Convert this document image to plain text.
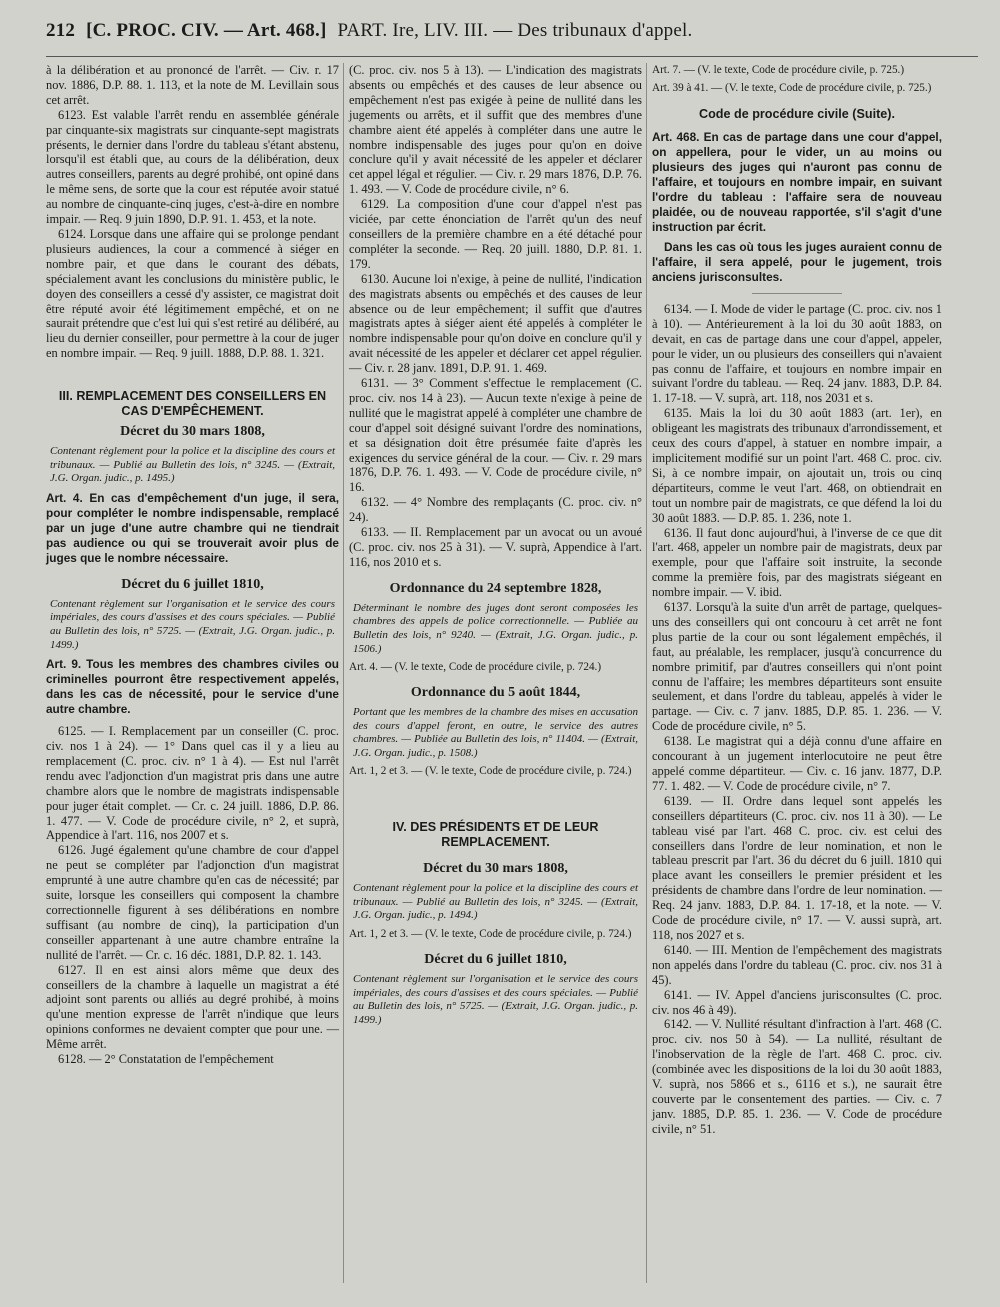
212 [C. PROC. CIV. — Art. 468.] PART. Ire, LIV. III. — Des tribunaux d'appel.

à la délibération et au prononcé de l'arrêt. — Civ. r. 17 nov. 1886, D.P. 88. 1. 113, et la note de M. Levillain sous cet arrêt.

6123. Est valable l'arrêt rendu en assemblée générale par cinquante-six magistrats sur cinquante-sept magistrats présents, le dernier dans l'ordre du tableau s'étant abstenu, lorsqu'il est établi que, au cours de la délibération, deux autres conseillers, parents au degré prohibé, ont opiné dans le même sens, de sorte que la cour est réputée avoir statué au nombre de cinquante-cinq juges, c'est-à-dire en nombre impair. — Req. 9 juin 1890, D.P. 91. 1. 453, et la note.

6124. Lorsque dans une affaire qui se prolonge pendant plusieurs audiences, la cour a commencé à siéger en nombre pair, et que dans le courant des débats, spécialement avant les conclusions du ministère public, le doyen des conseillers a cessé d'y assister, ce magistrat doit être réputé avoir été légitimement empêché, et on ne saurait prétendre que c'est lui qui s'est retiré au délibéré, au lieu du dernier conseiller, pour permettre à la cour de juger en nombre impair. — Req. 9 juill. 1888, D.P. 88. 1. 321.

III. REMPLACEMENT DES CONSEILLERS EN CAS D'EMPÊCHEMENT.
Décret du 30 mars 1808,
Contenant règlement pour la police et la discipline des cours et tribunaux. — Publié au Bulletin des lois, n° 3245. — (Extrait, J.G. Organ. judic., p. 1495.)
Art. 4. En cas d'empêchement d'un juge, il sera, pour compléter le nombre indispensable, remplacé par un juge d'une autre chambre qui ne tiendrait pas audience ou qui se trouverait avoir plus de juges que le nombre nécessaire.
Décret du 6 juillet 1810,
Contenant règlement sur l'organisation et le service des cours impériales, des cours d'assises et des cours spéciales. — Publié au Bulletin des lois, n° 5725. — (Extrait, J.G. Organ. judic., p. 1499.)
Art. 9. Tous les membres des chambres civiles ou criminelles pourront être respectivement appelés, dans les cas de nécessité, pour le service d'une autre chambre.

6125. — I. Remplacement par un conseiller (C. proc. civ. nos 1 à 24). — 1° Dans quel cas il y a lieu au remplacement (C. proc. civ. n° 1 à 4). — Est nul l'arrêt rendu avec l'adjonction d'un magistrat pris dans une autre chambre alors que le nombre de magistrats indispensable pour juger était complet. — Cr. c. 24 juill. 1886, D.P. 86. 1. 477. — V. Code de procédure civile, n° 2, et suprà, Appendice à l'art. 116, nos 2007 et s.

6126. Jugé également qu'une chambre de cour d'appel ne peut se compléter par l'adjonction d'un magistrat emprunté à une autre chambre qu'en cas de nécessité; par suite, lorsque les conseillers qui composent la chambre correctionnelle figurent à ses délibérations en nombre suffisant (au nombre de cinq), la participation d'un conseiller appartenant à une autre chambre entraîne la nullité de l'arrêt. — Cr. c. 16 déc. 1881, D.P. 82. 1. 143.

6127. Il en est ainsi alors même que deux des conseillers de la chambre à laquelle un magistrat a été adjoint sont parents ou alliés au degré prohibé, à moins qu'une mention expresse de l'arrêt n'indique que leurs opinions conformes ne devaient compter que pour une. — Même arrêt.

6128. — 2° Constatation de l'empêchement

(C. proc. civ. nos 5 à 13). — L'indication des magistrats absents ou empêchés et des causes de leur absence ou empêchement n'est pas exigée à peine de nullité dans les jugements ou arrêts, et il suffit que des membres d'une chambre aient été appelés à compléter dans une autre le nombre indispensable des juges pour qu'on en doive conclure qu'il y avait nécessité de les appeler et déclarer cet appel légal et régulier. — Civ. r. 29 mars 1876, D.P. 76. 1. 493. — V. Code de procédure civile, n° 6.

6129. La composition d'une cour d'appel n'est pas viciée, par cette énonciation de l'arrêt qu'un des neuf conseillers de la première chambre en a été détaché pour compléter la seconde. — Req. 20 juill. 1880, D.P. 81. 1. 179.

6130. Aucune loi n'exige, à peine de nullité, l'indication des magistrats absents ou empêchés et des causes de leur absence ou de leur empêchement; il suffit que d'autres magistrats aptes à siéger aient été appelés à compléter le nombre indispensable pour qu'on doive en conclure qu'il y avait nécessité de les appeler et déclarer cet appel régulier. — Civ. r. 28 janv. 1891, D.P. 91. 1. 469.

6131. — 3° Comment s'effectue le remplacement (C. proc. civ. nos 14 à 23). — Aucun texte n'exige à peine de nullité que le magistrat appelé à compléter une chambre de cour d'appel soit désigné suivant l'ordre des nominations, et sa désignation doit être présumée faite d'après les exigences du service général de la cour. — Civ. r. 29 mars 1876, D.P. 76. 1. 493. — V. Code de procédure civile, n° 16.

6132. — 4° Nombre des remplaçants (C. proc. civ. n° 24).

6133. — II. Remplacement par un avocat ou un avoué (C. proc. civ. nos 25 à 31). — V. suprà, Appendice à l'art. 116, nos 2010 et s.

Ordonnance du 24 septembre 1828,
Déterminant le nombre des juges dont seront composées les chambres des appels de police correctionnelle. — Publiée au Bulletin des lois, n° 9240. — (Extrait, J.G. Organ. judic., p. 1506.)
Art. 4. — (V. le texte, Code de procédure civile, p. 724.)
Ordonnance du 5 août 1844,
Portant que les membres de la chambre des mises en accusation des cours d'appel feront, en outre, le service des autres chambres. — Publiée au Bulletin des lois, n° 11404. — (Extrait, J.G. Organ. judic., p. 1508.)
Art. 1, 2 et 3. — (V. le texte, Code de procédure civile, p. 724.)
IV. DES PRÉSIDENTS ET DE LEUR REMPLACEMENT.
Décret du 30 mars 1808,
Contenant règlement pour la police et la discipline des cours et tribunaux. — Publié au Bulletin des lois, n° 3245. — (Extrait, J.G. Organ. judic., p. 1494.)
Art. 1, 2 et 3. — (V. le texte, Code de procédure civile, p. 724.)
Décret du 6 juillet 1810,
Contenant règlement sur l'organisation et le service des cours impériales, des cours d'assises et des cours spéciales. — Publié au Bulletin des lois, n° 5725. — (Extrait, J.G. Organ. judic., p. 1499.)
Art. 7. — (V. le texte, Code de procédure civile, p. 725.)
Art. 39 à 41. — (V. le texte, Code de procédure civile, p. 725.)
Code de procédure civile (Suite).
Art. 468. En cas de partage dans une cour d'appel, on appellera, pour le vider, un au moins ou plusieurs des juges qui n'auront pas connu de l'affaire, et toujours en nombre impair, en suivant l'ordre du tableau : l'affaire sera de nouveau plaidée, ou de nouveau rapportée, s'il s'agit d'une instruction par écrit.
Dans les cas où tous les juges auraient connu de l'affaire, il sera appelé, pour le jugement, trois anciens jurisconsultes.

6134. — I. Mode de vider le partage (C. proc. civ. nos 1 à 10). — Antérieurement à la loi du 30 août 1883, on devait, en cas de partage dans une cour d'appel, appeler, pour le vider, un ou plusieurs des conseillers qui n'avaient pas connu de l'affaire, et toujours en nombre impair en suivant l'ordre du tableau. — Req. 24 janv. 1883, D.P. 84. 1. 17-18. — V. suprà, art. 118, nos 2031 et s.

6135. Mais la loi du 30 août 1883 (art. 1er), en obligeant les magistrats des tribunaux d'arrondissement, et ceux des cours d'appel, à statuer en nombre impair, a implicitement modifié sur un point l'art. 468 C. proc. civ. Si, à ce nombre impair, on ajoutait un, trois ou cinq départiteurs, comme le veut l'art. 468, on obtiendrait en tout un nombre pair de magistrats, ce que défend la loi du 30 août 1883. — D.P. 85. 1. 236, note 1.

6136. Il faut donc aujourd'hui, à l'inverse de ce que dit l'art. 468, appeler un nombre pair de magistrats, deux par exemple, pour que l'affaire soit instruite, la seconde comme la première fois, par des magistrats siégeant en nombre impair. — V. ibid.

6137. Lorsqu'à la suite d'un arrêt de partage, quelques-uns des conseillers qui ont concouru à cet arrêt ne font plus partie de la cour ou sont légalement empêchés, il faut, au préalable, les remplacer, jusqu'à concurrence du nombre primitif, par d'autres conseillers qui n'ont point connu de l'affaire; les membres départiteurs sont ensuite seulement, et dans l'ordre du tableau, appelés à vider le partage. — Civ. c. 7 janv. 1885, D.P. 85. 1. 236. — V. Code de procédure civile, n° 5.

6138. Le magistrat qui a déjà connu d'une affaire en concourant à un jugement interlocutoire ne peut être appelé comme départiteur. — Civ. c. 16 janv. 1877, D.P. 77. 1. 482. — V. Code de procédure civile, n° 7.

6139. — II. Ordre dans lequel sont appelés les conseillers départiteurs (C. proc. civ. nos 11 à 30). — Le tableau visé par l'art. 468 C. proc. civ. est celui des conseillers dans l'ordre de leur nomination, et non le tableau prescrit par l'art. 36 du décret du 6 juill. 1810 qui place avant les conseillers le premier président et les présidents de chambre dans l'ordre de leur nomination. — Req. 24 janv. 1883, D.P. 84. 1. 17-18, et la note. — V. Code de procédure civile, n° 17. — V. aussi suprà, art. 118, nos 2027 et s.

6140. — III. Mention de l'empêchement des magistrats non appelés dans l'ordre du tableau (C. proc. civ. nos 31 à 45).

6141. — IV. Appel d'anciens jurisconsultes (C. proc. civ. nos 46 à 49).

6142. — V. Nullité résultant d'infraction à l'art. 468 (C. proc. civ. nos 50 à 54). — La nullité, résultant de l'inobservation de la règle de l'art. 468 C. proc. civ. (combinée avec les dispositions de la loi du 30 août 1883, V. suprà, nos 5866 et s., 6116 et s.), ne saurait être couverte par le consentement des parties. — Civ. c. 7 janv. 1885, D.P. 85. 1. 236. — V. Code de procédure civile, n° 51.
